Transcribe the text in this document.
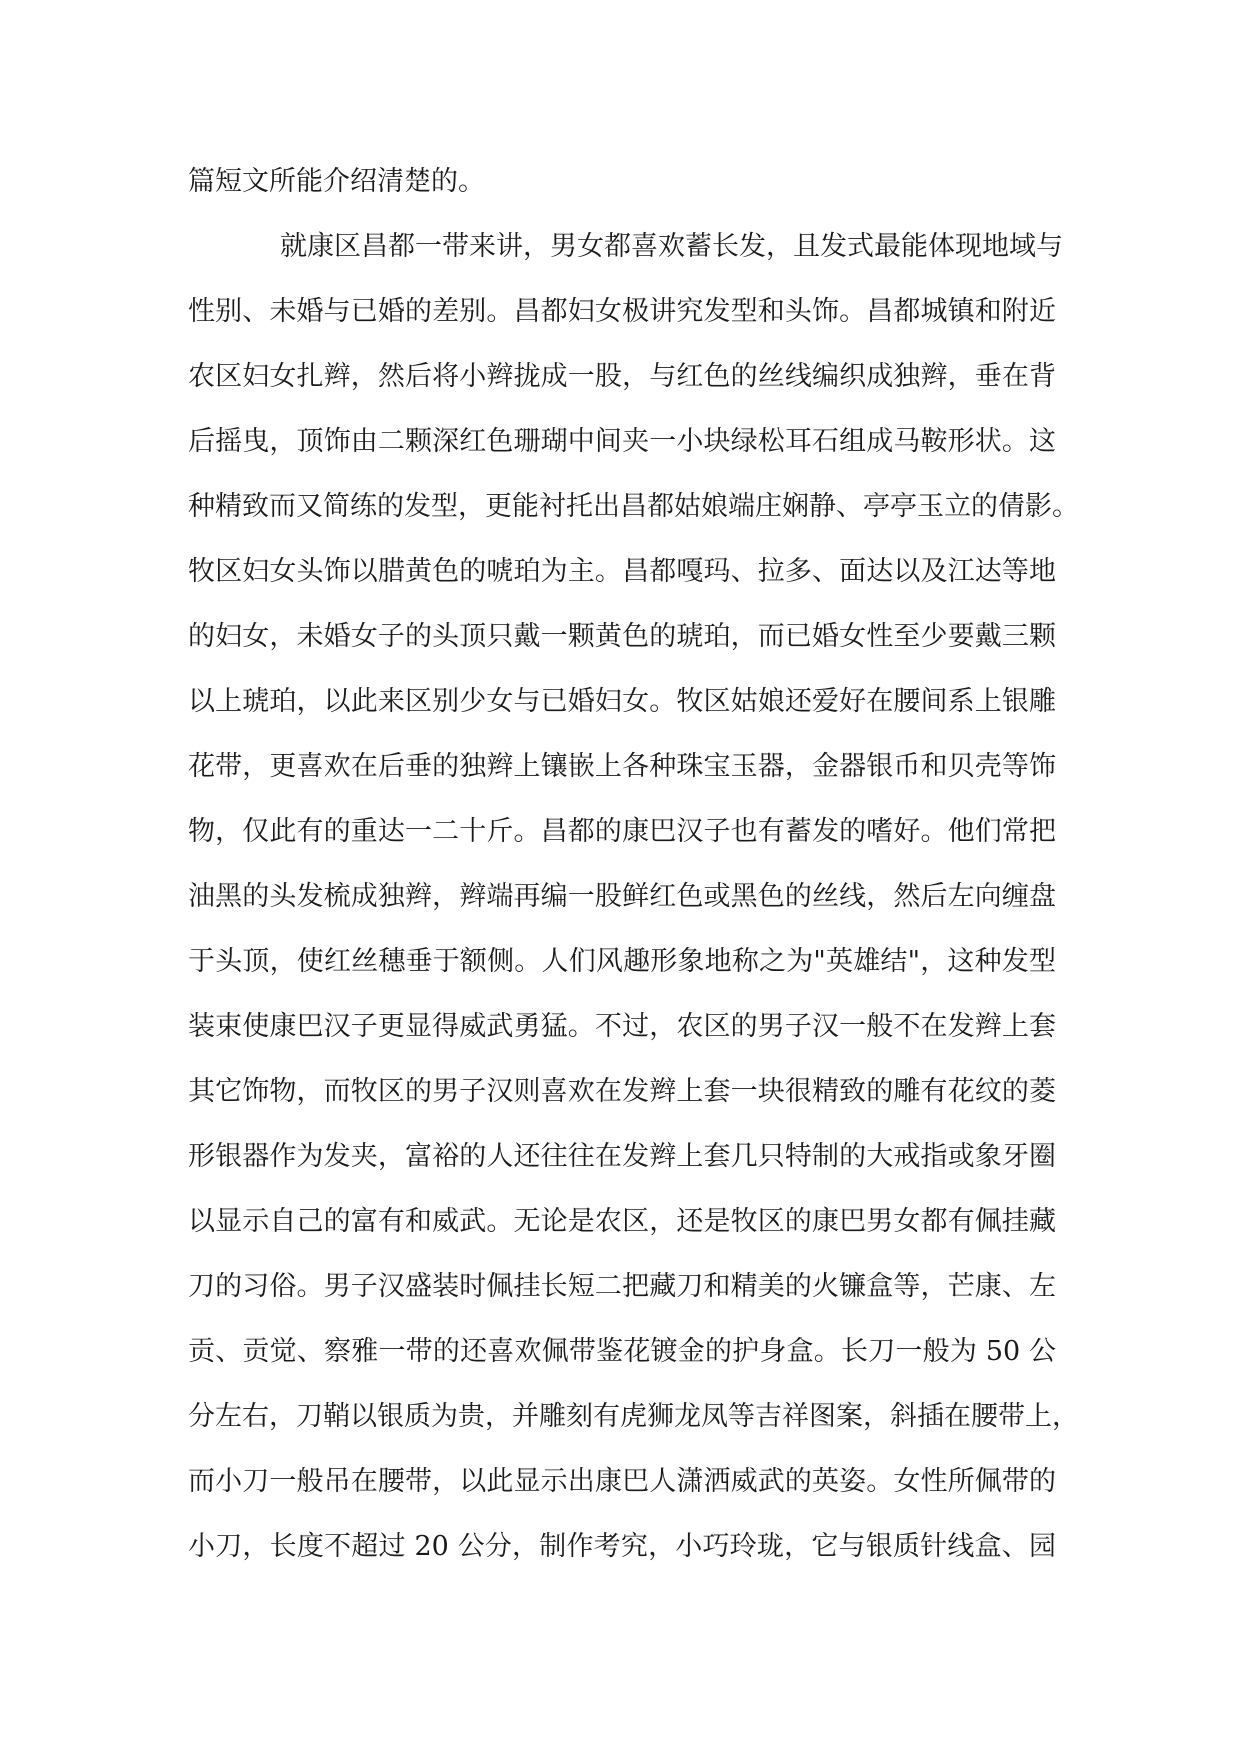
篇短文所能介绍清楚的。
就康区昌都一带来讲，男女都喜欢蓄长发，且发式最能体现地域与
性别、未婚与已婚的差别。昌都妇女极讲究发型和头饰。昌都城镇和附近
农区妇女扎辫，然后将小辫拢成一股，与红色的丝线编织成独辫，垂在背
后摇曳，顶饰由二颗深红色珊瑚中间夹一小块绿松耳石组成马鞍形状。这
种精致而又简练的发型，更能衬托出昌都姑娘端庄娴静、亭亭玉立的倩影。
牧区妇女头饰以腊黄色的唬珀为主。昌都嘎玛、拉多、面达以及江达等地
的妇女，未婚女子的头顶只戴一颗黄色的琥珀，而已婚女性至少要戴三颗
以上琥珀，以此来区别少女与已婚妇女。牧区姑娘还爱好在腰间系上银雕
花带，更喜欢在后垂的独辫上镶嵌上各种珠宝玉器，金器银币和贝壳等饰
物，仅此有的重达一二十斤。昌都的康巴汉子也有蓄发的嗜好。他们常把
油黑的头发梳成独辫，辫端再编一股鲜红色或黑色的丝线，然后左向缠盘
于头顶，使红丝穗垂于额侧。人们风趣形象地称之为"英雄结"，这种发型
装束使康巴汉子更显得威武勇猛。不过，农区的男子汉一般不在发辫上套
其它饰物，而牧区的男子汉则喜欢在发辫上套一块很精致的雕有花纹的菱
形银器作为发夹，富裕的人还往往在发辫上套几只特制的大戒指或象牙圈
以显示自己的富有和威武。无论是农区，还是牧区的康巴男女都有佩挂藏
刀的习俗。男子汉盛装时佩挂长短二把藏刀和精美的火镰盒等，芒康、左
贡、贡觉、察雅一带的还喜欢佩带鉴花镀金的护身盒。长刀一般为 50 公
分左右，刀鞘以银质为贵，并雕刻有虎狮龙凤等吉祥图案，斜插在腰带上，
而小刀一般吊在腰带，以此显示出康巴人潇洒威武的英姿。女性所佩带的
小刀，长度不超过 20 公分，制作考究，小巧玲珑，它与银质针线盒、园
